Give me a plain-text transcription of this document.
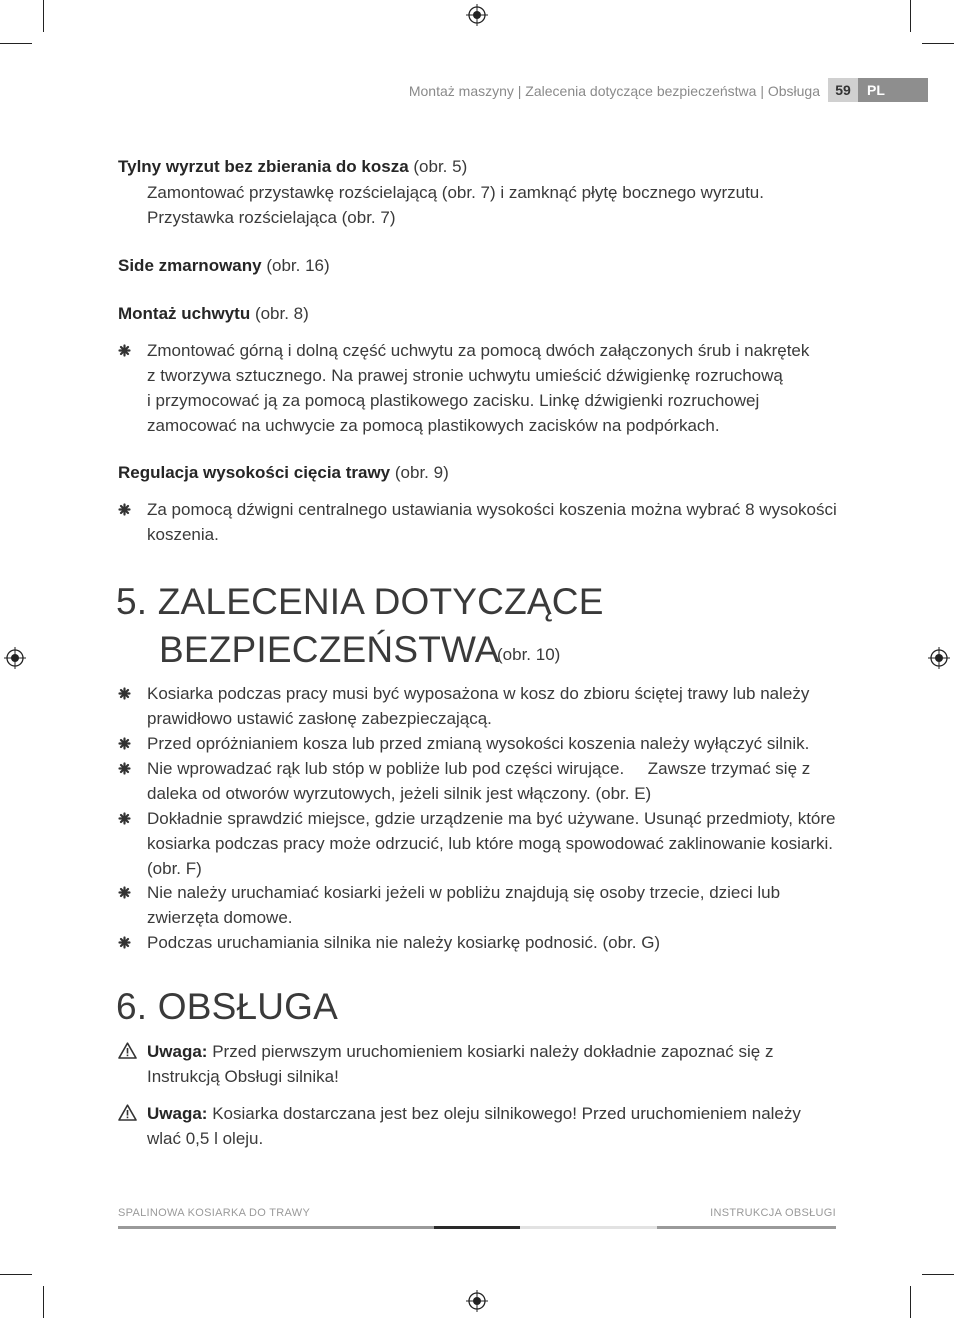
Montaż maszyny | Zalecenia dotyczące bezpieczeństwa | Obsługa	59	PL
Tylny wyrzut bez zbierania do kosza (obr. 5)
Zamontować przystawkę rozścielającą (obr. 7) i zamknąć płytę bocznego wyrzutu.
Przystawka rozścielająca (obr. 7)
Side zmarnowany (obr. 16)
Montaż uchwytu (obr. 8)
Zmontować górną i dolną część uchwytu za pomocą dwóch załączonych śrub i nakrętek
z tworzywa sztucznego. Na prawej stronie uchwytu umieścić dźwigienkę rozruchową
i przymocować ją za pomocą plastikowego zacisku. Linkę dźwigienki rozruchowej
zamocować na uchwycie za pomocą plastikowych zacisków na podpórkach.
Regulacja wysokości cięcia trawy (obr. 9)
Za pomocą dźwigni centralnego ustawiania wysokości koszenia można wybrać 8 wysokości
koszenia.
5. ZALECENIA DOTYCZĄCE
BEZPIECZEŃSTWA
(obr. 10)
Kosiarka podczas pracy musi być wyposażona w kosz do zbioru ściętej trawy lub należy
prawidłowo ustawić zasłonę zabezpieczającą.
Przed opróżnianiem kosza lub przed zmianą wysokości koszenia należy wyłączyć silnik.
Nie wprowadzać rąk lub stóp w pobliże lub pod części wirujące.     Zawsze trzymać się z
daleka od otworów wyrzutowych, jeżeli silnik jest włączony. (obr. E)
Dokładnie sprawdzić miejsce, gdzie urządzenie ma być używane. Usunąć przedmioty, które
kosiarka podczas pracy może odrzucić, lub które mogą spowodować zaklinowanie kosiarki.
(obr. F)
Nie należy uruchamiać kosiarki jeżeli w pobliżu znajdują się osoby trzecie, dzieci lub
zwierzęta domowe.
Podczas uruchamiania silnika nie należy kosiarkę podnosić. (obr. G)
6. OBSŁUGA
Uwaga: Przed pierwszym uruchomieniem kosiarki należy dokładnie zapoznać się z
Instrukcją Obsługi silnika!
Uwaga: Kosiarka dostarczana jest bez oleju silnikowego! Przed uruchomieniem należy
wlać 0,5 l oleju.
SPALINOWA KOSIARKA DO TRAWY	INSTRUKCJA OBSŁUGI
